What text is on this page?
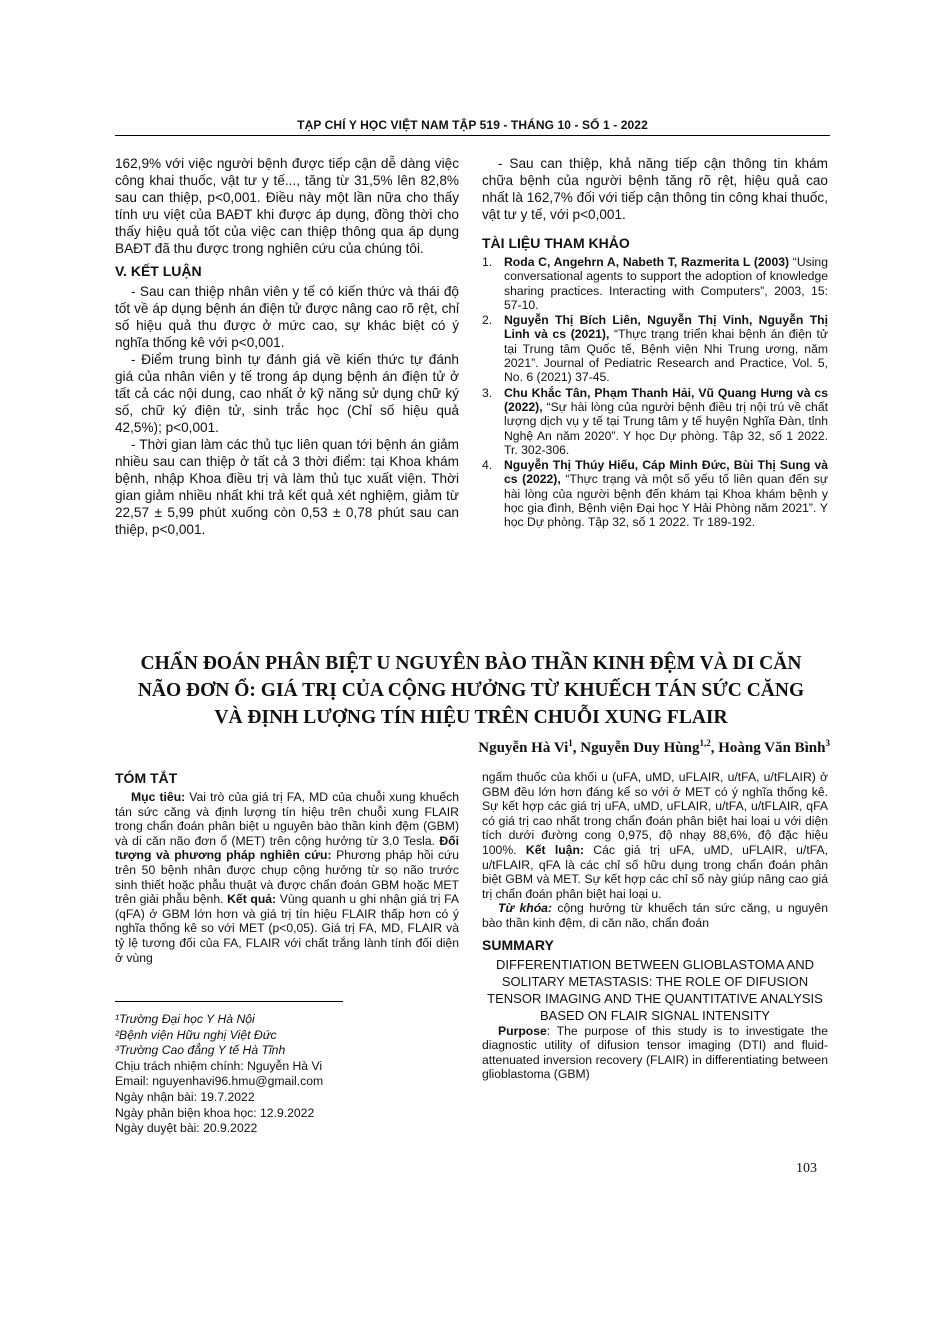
TẠP CHÍ Y HỌC VIỆT NAM TẬP 519 - THÁNG 10 - SỐ 1 - 2022

162,9% với việc người bệnh được tiếp cận dễ dàng việc công khai thuốc, vật tư y tế..., tăng từ 31,5% lên 82,8% sau can thiệp, p<0,001. Điều này một lần nữa cho thấy tính ưu việt của BAĐT khi được áp dụng, đồng thời cho thấy hiệu quả tốt của việc can thiệp thông qua áp dụng BAĐT đã thu được trong nghiên cứu của chúng tôi.

V. KẾT LUẬN

- Sau can thiệp nhân viên y tế có kiến thức và thái độ tốt về áp dụng bệnh án điện tử được nâng cao rõ rệt, chỉ số hiệu quả thu được ở mức cao, sự khác biệt có ý nghĩa thống kê với p<0,001.

- Điểm trung bình tự đánh giá về kiến thức tự đánh giá của nhân viên y tế trong áp dụng bệnh án điện tử ở tất cả các nội dung, cao nhất ở kỹ năng sử dụng chữ ký số, chữ ký điện tử, sinh trắc học (Chỉ số hiệu quả 42,5%); p<0,001.

- Thời gian làm các thủ tục liên quan tới bệnh án giảm nhiều sau can thiệp ở tất cả 3 thời điểm: tại Khoa khám bệnh, nhập Khoa điều trị và làm thủ tục xuất viện. Thời gian giảm nhiều nhất khi trả kết quả xét nghiệm, giảm từ 22,57 ± 5,99 phút xuống còn 0,53 ± 0,78 phút sau can thiệp, p<0,001.

- Sau can thiệp, khả năng tiếp cận thông tin khám chữa bệnh của người bệnh tăng rõ rệt, hiệu quả cao nhất là 162,7% đối với tiếp cận thông tin công khai thuốc, vật tư y tế, với p<0,001.

TÀI LIỆU THAM KHẢO
1. Roda C, Angehrn A, Nabeth T, Razmerita L (2003) “Using conversational agents to support the adoption of knowledge sharing practices. Interacting with Computers”, 2003, 15: 57-10.
2. Nguyễn Thị Bích Liên, Nguyễn Thị Vinh, Nguyễn Thị Linh và cs (2021), “Thực trạng triển khai bệnh án điện tử tại Trung tâm Quốc tế, Bệnh viện Nhi Trung ương, năm 2021”. Journal of Pediatric Research and Practice, Vol. 5, No. 6 (2021) 37-45.
3. Chu Khắc Tân, Phạm Thanh Hải, Vũ Quang Hưng và cs (2022), “Sự hài lòng của người bệnh điều trị nội trú về chất lượng dịch vụ y tế tại Trung tâm y tế huyện Nghĩa Đàn, tỉnh Nghệ An năm 2020”. Y học Dự phòng. Tập 32, số 1 2022. Tr. 302-306.
4. Nguyễn Thị Thúy Hiếu, Cáp Minh Đức, Bùi Thị Sung và cs (2022), “Thực trạng và một số yếu tố liên quan đến sự hài lòng của người bệnh đến khám tại Khoa khám bệnh y học gia đình, Bệnh viện Đại học Y Hải Phòng năm 2021”. Y học Dự phòng. Tập 32, số 1 2022. Tr 189-192.
CHẨN ĐOÁN PHÂN BIỆT U NGUYÊN BÀO THẦN KINH ĐỆM VÀ DI CĂN
NÃO ĐƠN Ổ: GIÁ TRỊ CỦA CỘNG HƯỞNG TỪ KHUẾCH TÁN SỨC CĂNG
VÀ ĐỊNH LƯỢNG TÍN HIỆU TRÊN CHUỖI XUNG FLAIR
Nguyễn Hà Vi$^1$, Nguyễn Duy Hùng$^{1,2}$, Hoàng Văn Bình$^3$
TÓM TẮT

Mục tiêu: Vai trò của giá trị FA, MD của chuỗi xung khuếch tán sức căng và định lượng tín hiệu trên chuỗi xung FLAIR trong chẩn đoán phân biệt u nguyên bào thần kinh đệm (GBM) và di căn não đơn ổ (MET) trên cộng hưởng từ 3.0 Tesla. Đối tượng và phương pháp nghiên cứu: Phương pháp hồi cứu trên 50 bệnh nhân được chụp cộng hưởng từ sọ não trước sinh thiết hoặc phẫu thuật và được chẩn đoán GBM hoặc MET trên giải phẫu bệnh. Kết quả: Vùng quanh u ghi nhận giá trị FA (qFA) ở GBM lớn hơn và giá trị tín hiệu FLAIR thấp hơn có ý nghĩa thống kê so với MET (p<0,05). Giá trị FA, MD, FLAIR và tỷ lệ tương đối của FA, FLAIR với chất trắng lành tính đối diện ở vùng

¹Trường Đại học Y Hà Nội

²Bệnh viện Hữu nghị Việt Đức

³Trường Cao đẳng Y tế Hà Tĩnh

Chịu trách nhiệm chính: Nguyễn Hà Vi

Email: nguyenhavi96.hmu@gmail.com

Ngày nhận bài: 19.7.2022

Ngày phản biện khoa học: 12.9.2022

Ngày duyệt bài: 20.9.2022

ngấm thuốc của khối u (uFA, uMD, uFLAIR, u/tFA, u/tFLAIR) ở GBM đều lớn hơn đáng kể so với ở MET có ý nghĩa thống kê. Sự kết hợp các giá trị uFA, uMD, uFLAIR, u/tFA, u/tFLAIR, qFA có giá trị cao nhất trong chẩn đoán phân biệt hai loại u với diện tích dưới đường cong 0,975, độ nhạy 88,6%, độ đặc hiệu 100%. Kết luận: Các giá trị uFA, uMD, uFLAIR, u/tFA, u/tFLAIR, qFA là các chỉ số hữu dụng trong chẩn đoán phân biệt GBM và MET. Sự kết hợp các chỉ số này giúp nâng cao giá trị chẩn đoán phân biệt hai loại u.

Từ khóa: cộng hưởng từ khuếch tán sức căng, u nguyên bào thần kinh đệm, di căn não, chẩn đoán

SUMMARY
DIFFERENTIATION BETWEEN GLIOBLASTOMA AND SOLITARY METASTASIS: THE ROLE OF DIFUSION TENSOR IMAGING AND THE QUANTITATIVE ANALYSIS BASED ON FLAIR SIGNAL INTENSITY

Purpose: The purpose of this study is to investigate the diagnostic utility of difusion tensor imaging (DTI) and fluid-attenuated inversion recovery (FLAIR) in differentiating between glioblastoma (GBM)

103
